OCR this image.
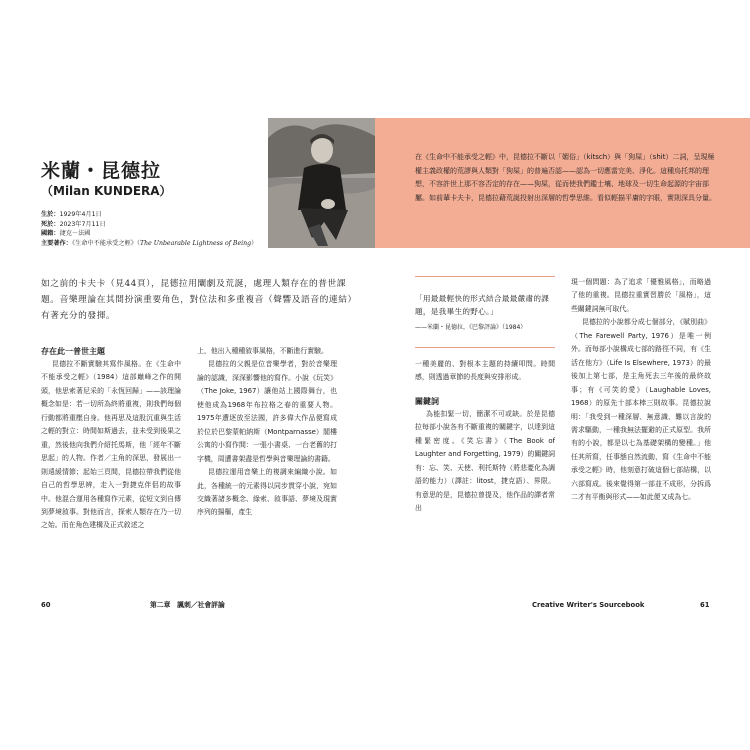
米蘭・昆德拉
（Milan KUNDERA）
生於：1929年4月1日
死於：2023年7月11日
國籍：捷克－法國
主要著作：《生命中不能承受之輕》（The Unbearable Lightness of Being）
在《生命中不能承受之輕》中，昆德拉不斷以「媚俗」（kitsch）與「狗屎」（shit）二詞，呈現極權主義政權的荒謬與人類對「狗屎」的普遍否認——認為一切應當完美、淨化。這種烏托邦的理想，不容許世上那不容否定的存在——狗屎，從而使我們鑑士壤、地球及一切生命起源的宇宙部屬。如前輩卡夫卡，昆德拉藉荒誕投射出深層的哲學思維。看似輕描平庸的字眼，實則深具分量。
如之前的卡夫卡（見44頁），昆德拉用闡劇及荒誕，處理人類存在的普世課題。音樂理論在其間扮演重要角色，對位法和多重複音（聲響及語音的連結）有著充分的發揮。
存在此一普世主題

昆德拉不斷實驗其寫作風格。在《生命中不能承受之輕》（1984）這部巔峰之作的開頭，他思索著尼采的「永恆回歸」——該理論概念如是：若一切所為終將重複，則我們每個行動都將重壓自身。他再思及這股沉重與生活之輕的對立：時間如斯過去，並未受到後果之重，然後他向我們介紹托馬斯，他「經年不斷思起」的人物。作者／主角的深思，發展出一則遠緩情節；起始三頁間，昆德拉帶我們從他自己的哲學思辨，走入一對捷克伴侶的故事中。他混合運用各種寫作元素，從短文到自傳到夢境敘事。對他而言，探索人類存在乃一切之始。而在角色建構及正式敘述之

上，他出入種種敘事風格，不斷進行實驗。

昆德拉的父親是位音樂學者，對於音樂理論的認識，深深影響他的寫作。小說《玩笑》（The Joke, 1967）讓他站上國際舞台，也使他成為1968年布拉格之春的重要人物。1975年遭逐放至法國，許多偉大作品便寫成於位於巴黎蒙帕納斯（Montparnasse）閣樓公寓的小寫作間：一張小書桌、一台老舊的打字機，周遭書架盡是哲學與音樂理論的書籍。

昆德拉運用音樂上的複調來編織小說。如此，各種統一的元素得以同步貫穿小說，宛如交織著諸多概念、綠索、敘事語、夢境及現實序列的揚樞，產生

「用最最輕快的形式結合最最嚴肅的課題，是我畢生的野心。」
——米蘭・昆德拉，《巴黎評論》（1984）

一種美麗的、對根本主題的持續叩問。時間感，則透過章節的長度與安排形成。

關鍵詞

為能扣緊一切，簡潔不可或缺。於是昆德拉每部小說各有不斷重複的關鍵字，以達到這種緊密度。《笑忘書》（The Book of Laughter and Forgetting, 1979）的關鍵詞有：忘、笑、天使、利托斯特（將悲憂化為調語的能力）（譯註：litost，捷克語）、界限。有意思的是，昆德拉曾提及，他作品的譯者常出

現一個問題：為了追求「優雅風格」，而略過了他的重複。昆德拉重實習勝於「風格」，這些關鍵詞無可取代。

昆德拉的小說都分成七個部分，《賦別曲》（The Farewell Party, 1976）是唯一例外。而每部小說構成七部的路徑不同，有《生活在他方》（Life Is Elsewhere, 1973）的最後加上第七部，是主角死去三年後的最終故事；有《可笑的愛》（Laughable Loves, 1968）的原先十部本棒三則故事。昆德拉說明：「我受到一種深層、無意識、難以言說的需求驅動，一種我無法擺避的正式原型。我所有的小說，都是以七為基礎架構的變種。」他任其所寫，任事態自然流動，寫《生命中不能承受之輕》時，他刻意打破這個七部結構，以六部寫成。後來覺得第一部並不成形，分拆爲二才有平衡與形式——如此便又成為七。

60	第二章　諷刺／社會評論	Creative Writer's Sourcebook	61
